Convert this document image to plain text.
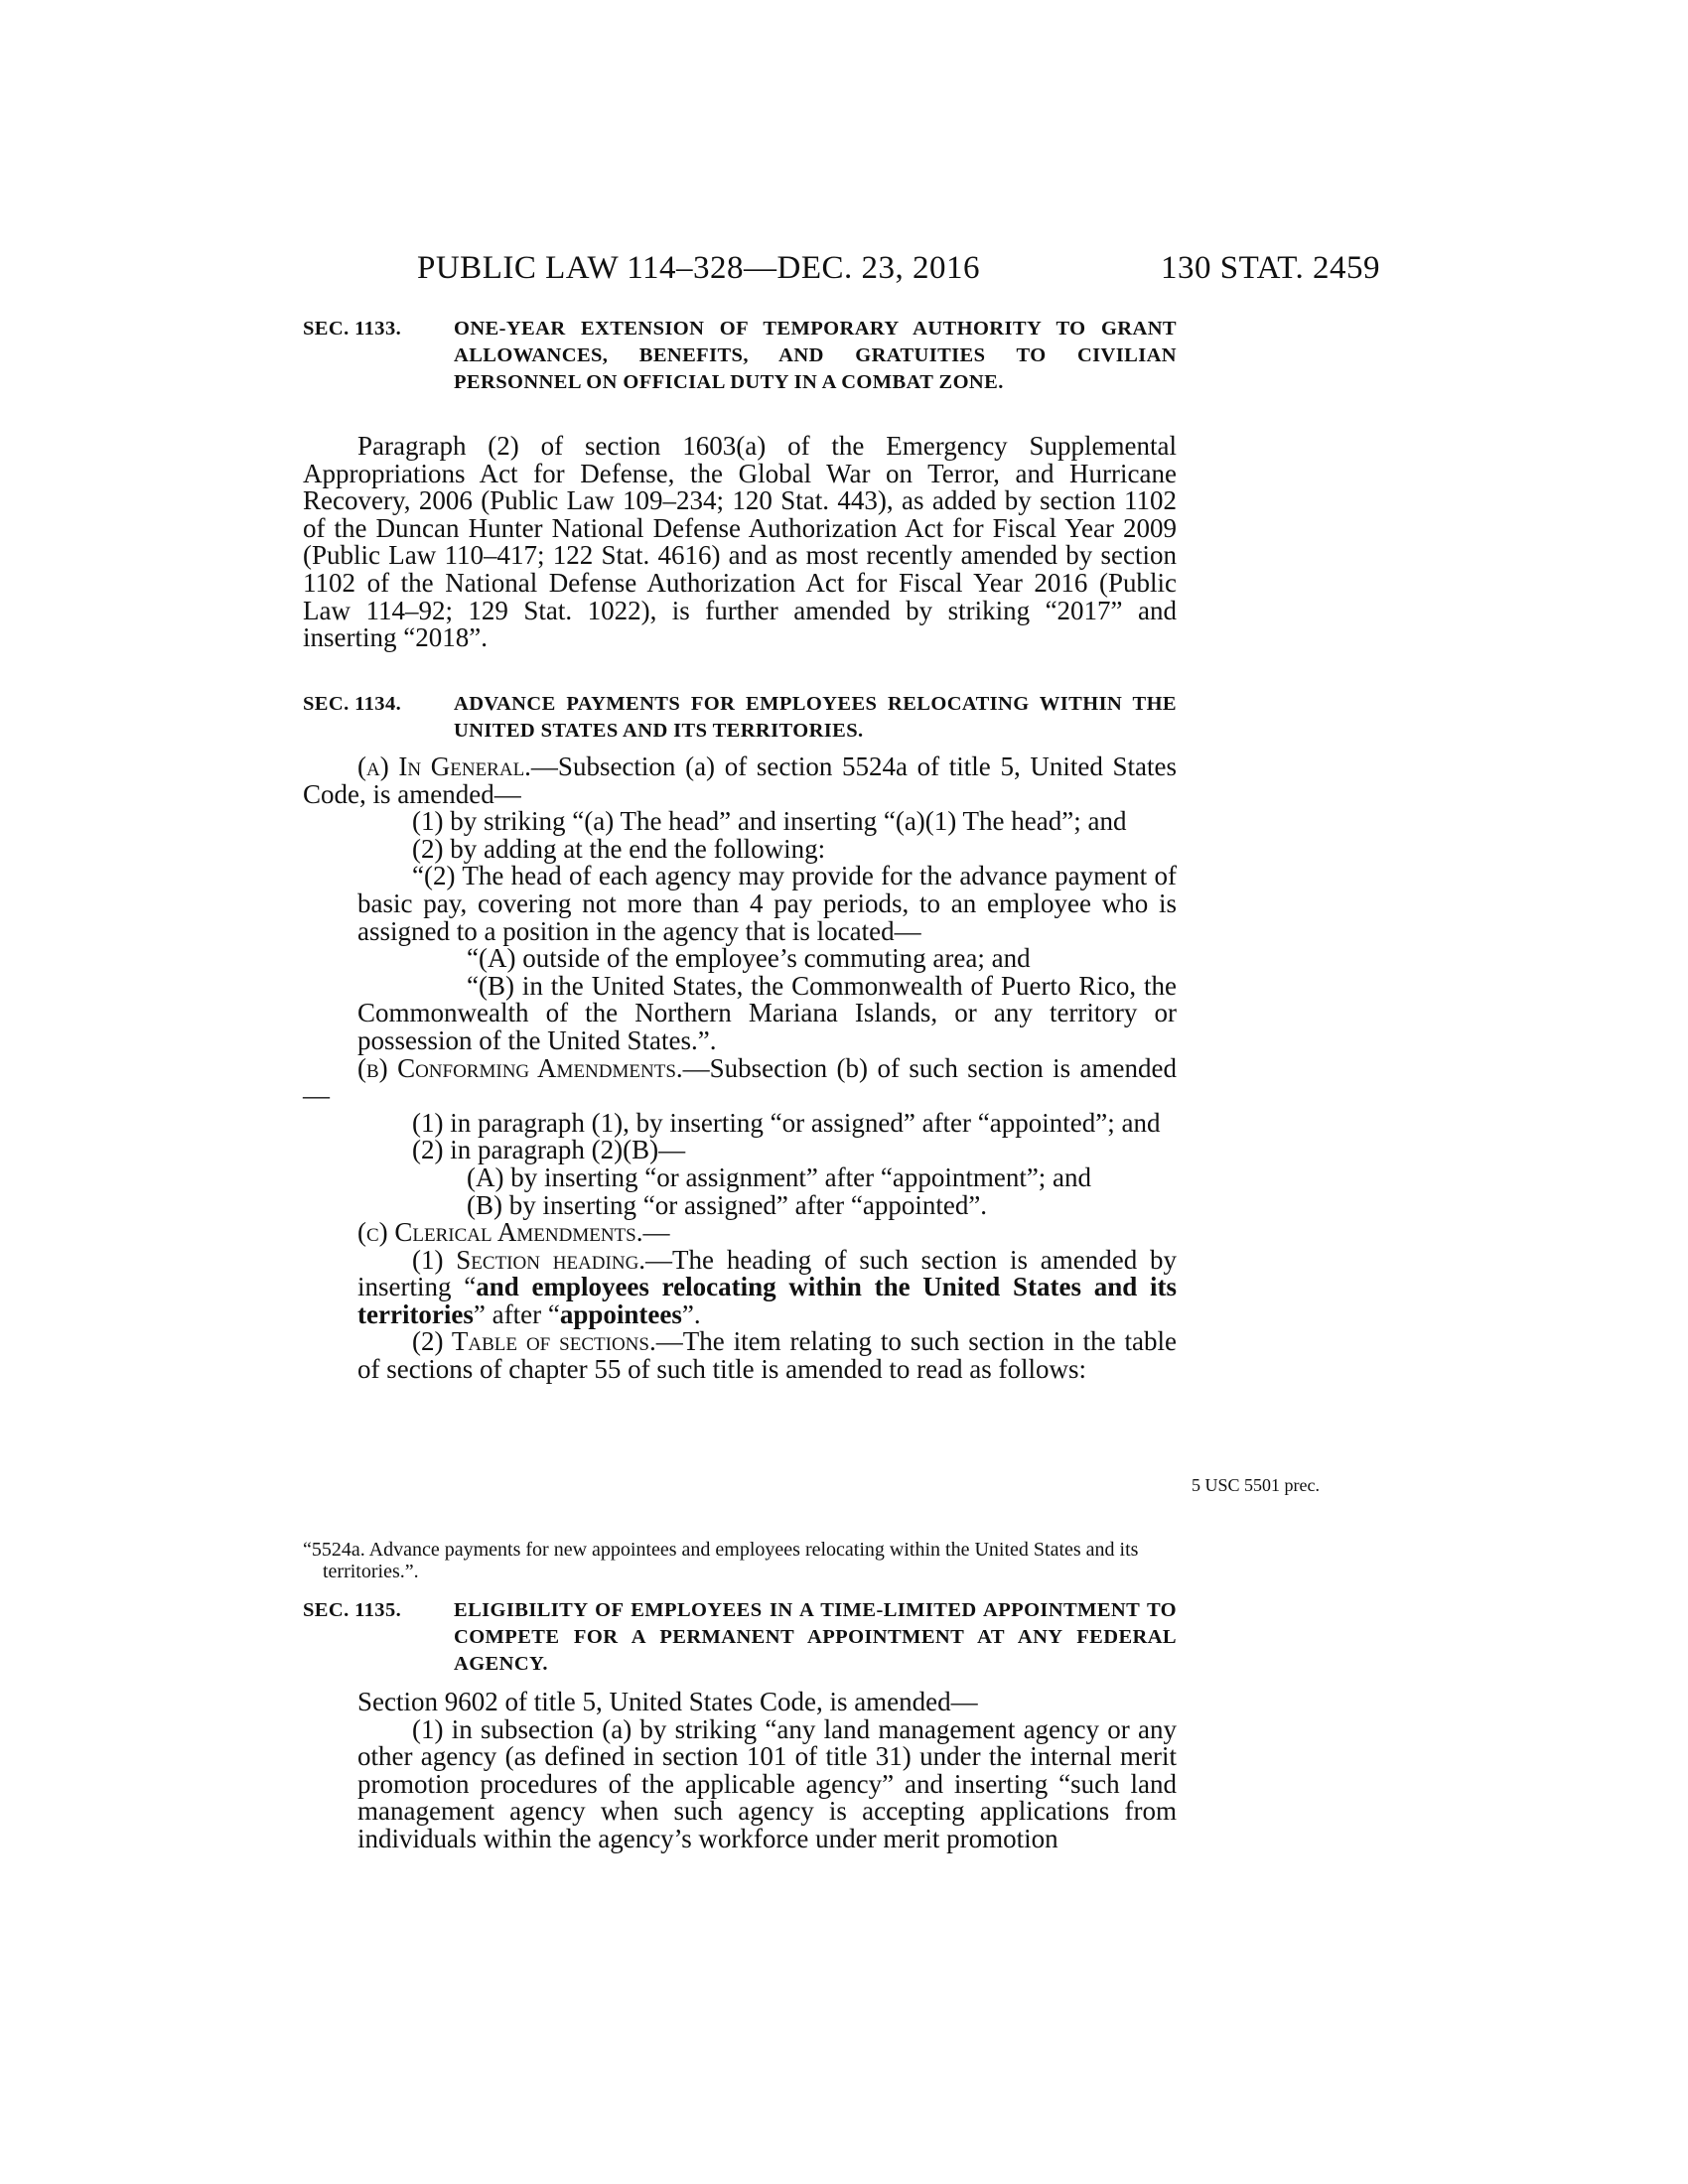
PUBLIC LAW 114–328—DEC. 23, 2016	130 STAT. 2459
SEC. 1133.	ONE-YEAR EXTENSION OF TEMPORARY AUTHORITY TO GRANT ALLOWANCES, BENEFITS, AND GRATUITIES TO CIVILIAN PERSONNEL ON OFFICIAL DUTY IN A COMBAT ZONE.

Paragraph (2) of section 1603(a) of the Emergency Supplemental Appropriations Act for Defense, the Global War on Terror, and Hurricane Recovery, 2006 (Public Law 109–234; 120 Stat. 443), as added by section 1102 of the Duncan Hunter National Defense Authorization Act for Fiscal Year 2009 (Public Law 110–417; 122 Stat. 4616) and as most recently amended by section 1102 of the National Defense Authorization Act for Fiscal Year 2016 (Public Law 114–92; 129 Stat. 1022), is further amended by striking “2017” and inserting “2018”.

SEC. 1134.	ADVANCE PAYMENTS FOR EMPLOYEES RELOCATING WITHIN THE UNITED STATES AND ITS TERRITORIES.

(a) In General.—Subsection (a) of section 5524a of title 5, United States Code, is amended—

(1) by striking “(a) The head” and inserting “(a)(1) The head”; and

(2) by adding at the end the following:

“(2) The head of each agency may provide for the advance payment of basic pay, covering not more than 4 pay periods, to an employee who is assigned to a position in the agency that is located—

“(A) outside of the employee’s commuting area; and

“(B) in the United States, the Commonwealth of Puerto Rico, the Commonwealth of the Northern Mariana Islands, or any territory or possession of the United States.”.

(b) Conforming Amendments.—Subsection (b) of such section is amended—

(1) in paragraph (1), by inserting “or assigned” after “appointed”; and

(2) in paragraph (2)(B)—

(A) by inserting “or assignment” after “appointment”; and

(B) by inserting “or assigned” after “appointed”.

(c) Clerical Amendments.—

(1) Section heading.—The heading of such section is amended by inserting “and employees relocating within the United States and its territories” after “appointees”.

(2) Table of sections.—The item relating to such section in the table of sections of chapter 55 of such title is amended to read as follows:

5 USC 5501 prec.

“5524a. Advance payments for new appointees and employees relocating within the United States and its territories.”.

SEC. 1135.	ELIGIBILITY OF EMPLOYEES IN A TIME-LIMITED APPOINTMENT TO COMPETE FOR A PERMANENT APPOINTMENT AT ANY FEDERAL AGENCY.

Section 9602 of title 5, United States Code, is amended—

(1) in subsection (a) by striking “any land management agency or any other agency (as defined in section 101 of title 31) under the internal merit promotion procedures of the applicable agency” and inserting “such land management agency when such agency is accepting applications from individuals within the agency’s workforce under merit promotion
